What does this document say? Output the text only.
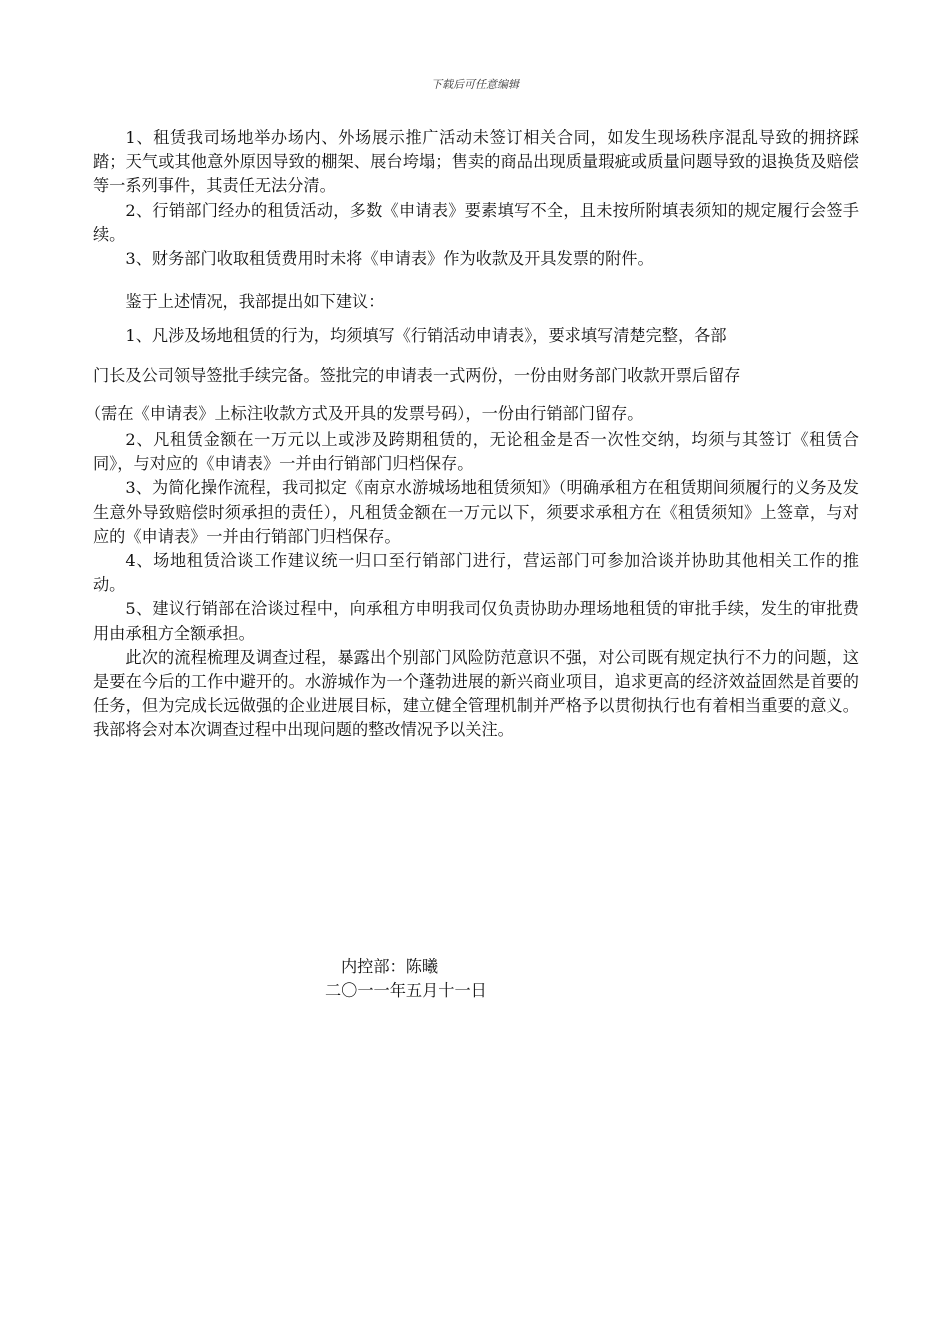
下载后可任意编辑

1、租赁我司场地举办场内、外场展示推广活动未签订相关合同，如发生现场秩序混乱导致的拥挤踩踏；天气或其他意外原因导致的棚架、展台垮塌；售卖的商品出现质量瑕疵或质量问题导致的退换货及赔偿等一系列事件，其责任无法分清。

2、行销部门经办的租赁活动，多数《申请表》要素填写不全，且未按所附填表须知的规定履行会签手续。

3、财务部门收取租赁费用时未将《申请表》作为收款及开具发票的附件。

鉴于上述情况，我部提出如下建议：

1、凡涉及场地租赁的行为，均须填写《行销活动申请表》，要求填写清楚完整，各部

门长及公司领导签批手续完备。签批完的申请表一式两份，一份由财务部门收款开票后留存

（需在《申请表》上标注收款方式及开具的发票号码），一份由行销部门留存。

2、凡租赁金额在一万元以上或涉及跨期租赁的，无论租金是否一次性交纳，均须与其签订《租赁合同》，与对应的《申请表》一并由行销部门归档保存。

3、为简化操作流程，我司拟定《南京水游城场地租赁须知》（明确承租方在租赁期间须履行的义务及发生意外导致赔偿时须承担的责任），凡租赁金额在一万元以下，须要求承租方在《租赁须知》上签章，与对应的《申请表》一并由行销部门归档保存。

4、场地租赁洽谈工作建议统一归口至行销部门进行，营运部门可参加洽谈并协助其他相关工作的推动。

5、建议行销部在洽谈过程中，向承租方申明我司仅负责协助办理场地租赁的审批手续，发生的审批费用由承租方全额承担。

此次的流程梳理及调查过程，暴露出个别部门风险防范意识不强，对公司既有规定执行不力的问题，这是要在今后的工作中避开的。水游城作为一个蓬勃进展的新兴商业项目，追求更高的经济效益固然是首要的任务，但为完成长远做强的企业进展目标，建立健全管理机制并严格予以贯彻执行也有着相当重要的意义。我部将会对本次调查过程中出现问题的整改情况予以关注。

内控部：陈曦
二〇一一年五月十一日
